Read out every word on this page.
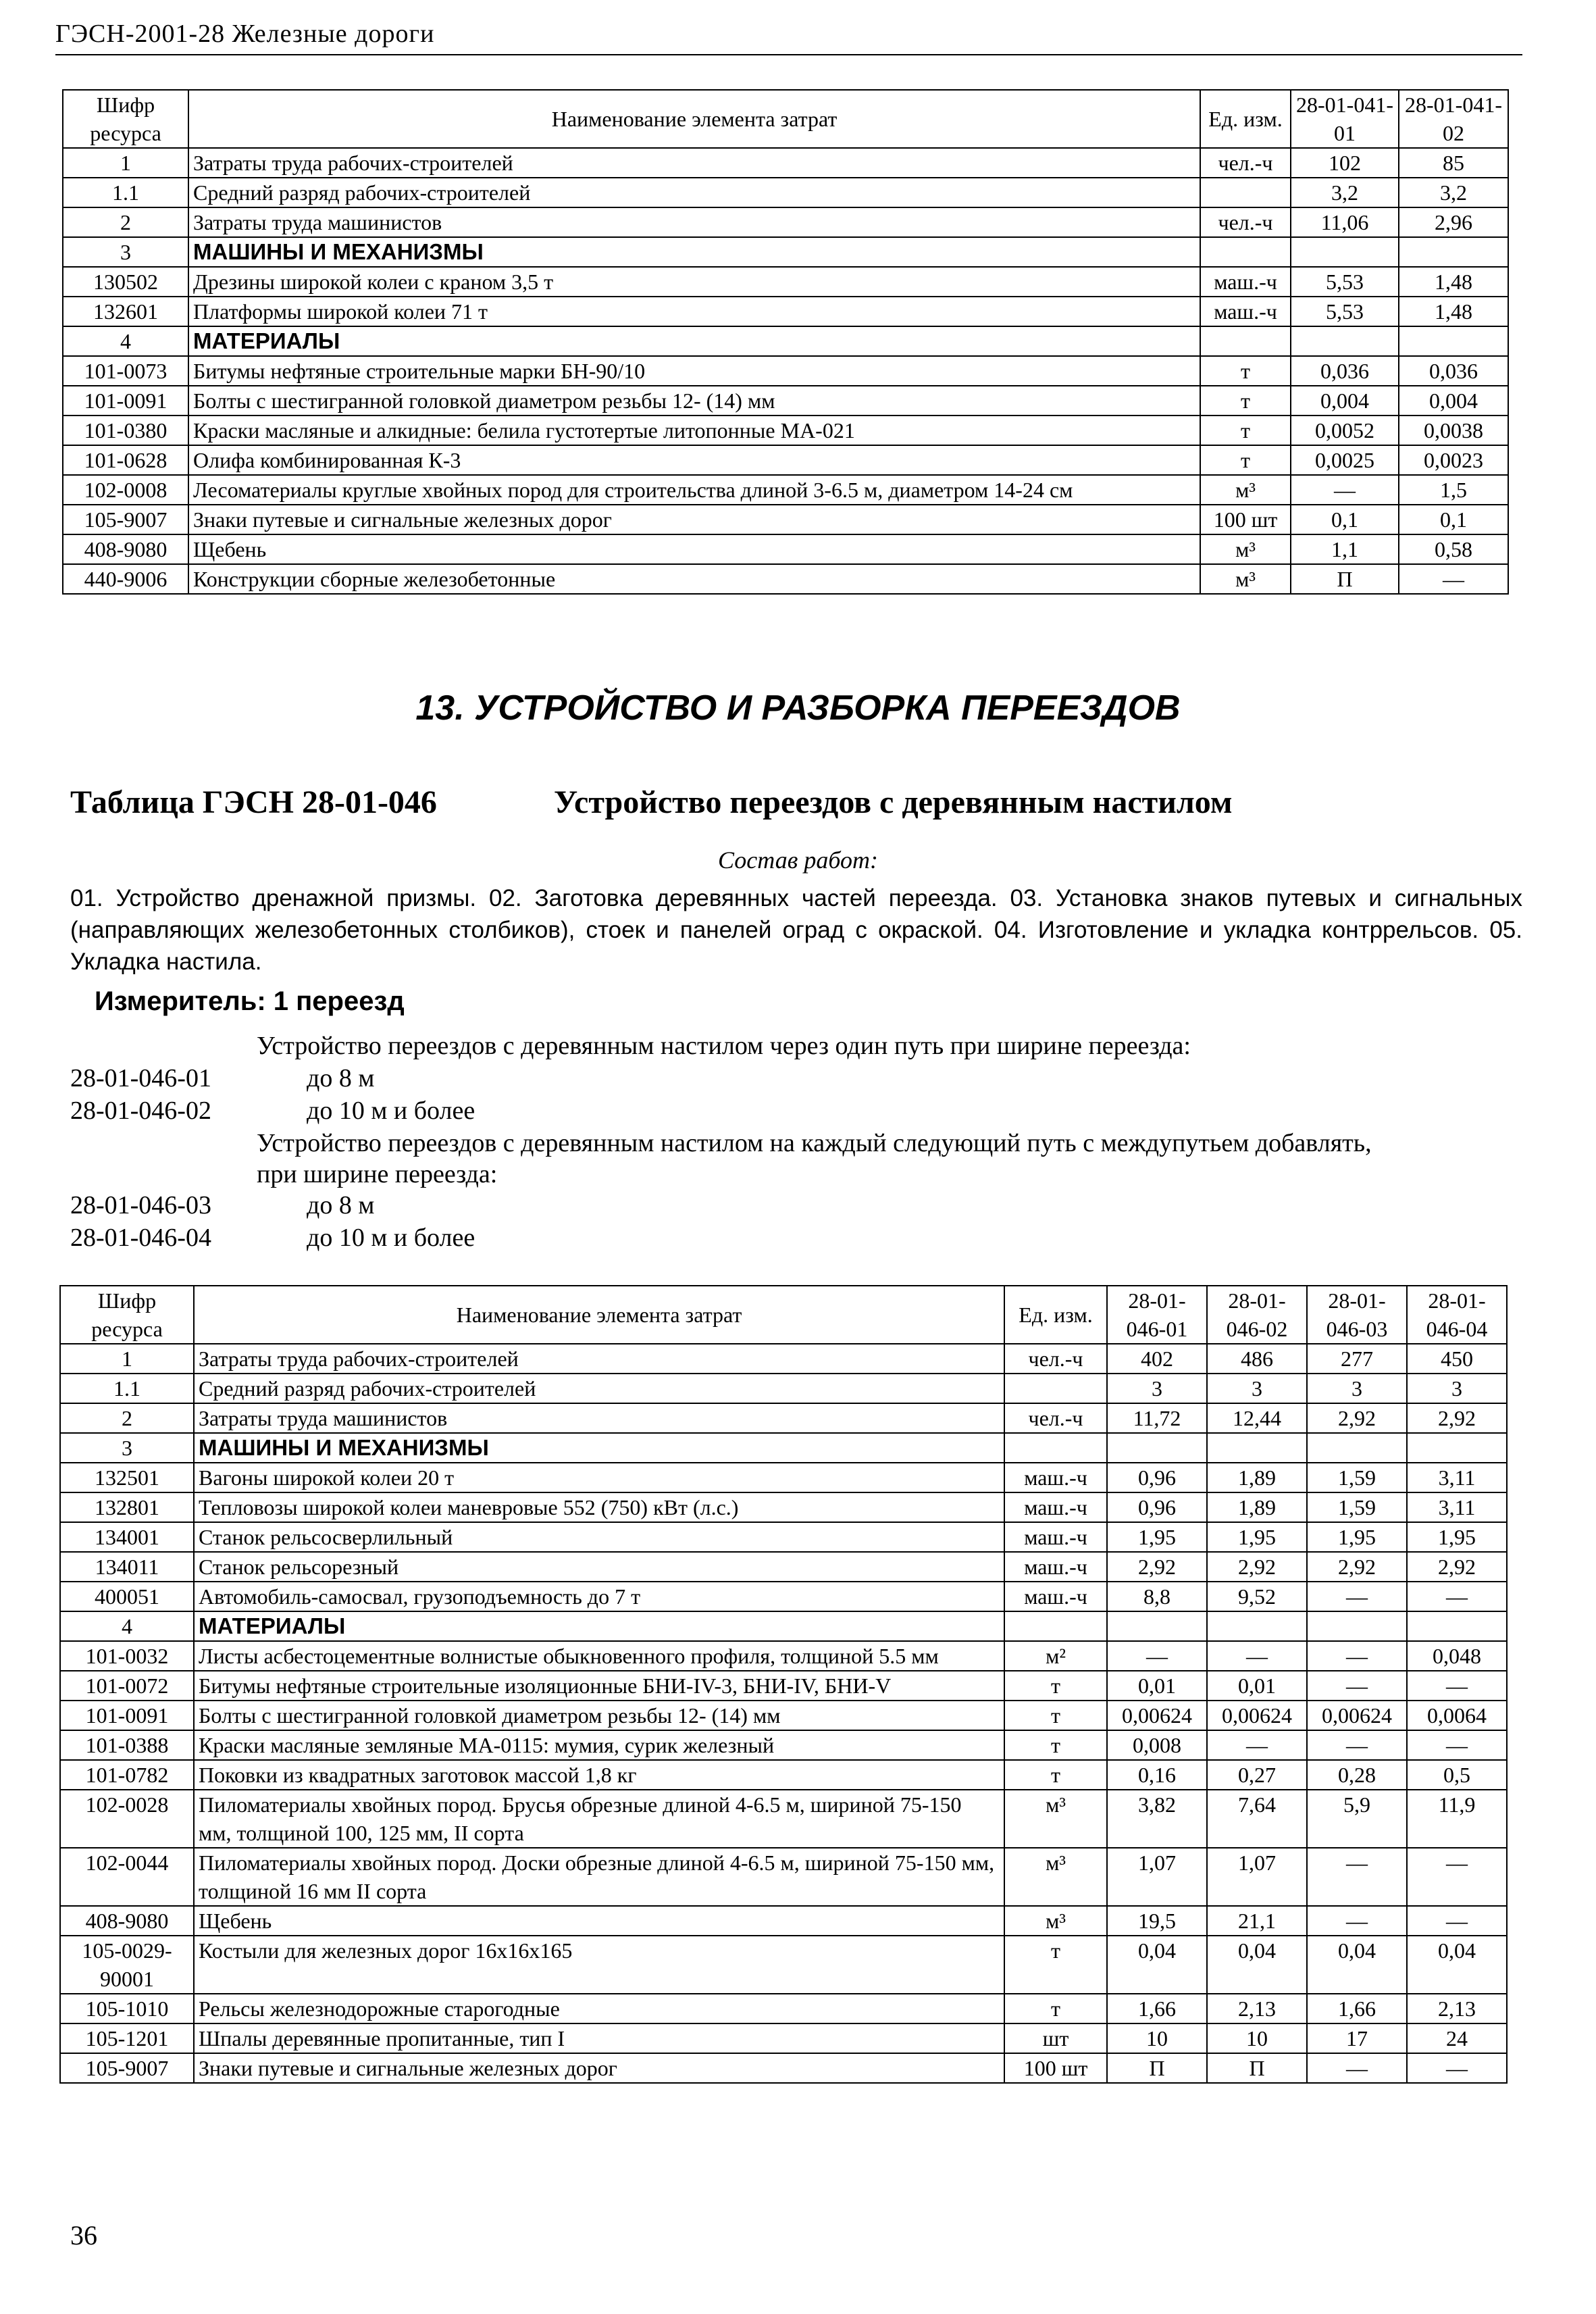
ГЭСН-2001-28 Железные дороги
Шифр ресурса	Наименование элемента затрат	Ед. изм.	28-01-041-01	28-01-041-02
1	Затраты труда рабочих-строителей	чел.-ч	102	85
1.1	Средний разряд рабочих-строителей		3,2	3,2
2	Затраты труда машинистов	чел.-ч	11,06	2,96
3	МАШИНЫ И МЕХАНИЗМЫ			
130502	Дрезины широкой колеи с краном 3,5 т	маш.-ч	5,53	1,48
132601	Платформы широкой колеи 71 т	маш.-ч	5,53	1,48
4	МАТЕРИАЛЫ			
101-0073	Битумы нефтяные строительные марки БН-90/10	т	0,036	0,036
101-0091	Болты с шестигранной головкой диаметром резьбы 12- (14) мм	т	0,004	0,004
101-0380	Краски масляные и алкидные: белила густотертые литопонные МА-021	т	0,0052	0,0038
101-0628	Олифа комбинированная К-3	т	0,0025	0,0023
102-0008	Лесоматериалы круглые хвойных пород для строительства длиной 3-6.5 м, диаметром 14-24 см	м³	—	1,5
105-9007	Знаки путевые и сигнальные железных дорог	100 шт	0,1	0,1
408-9080	Щебень	м³	1,1	0,58
440-9006	Конструкции сборные железобетонные	м³	П	—
13. УСТРОЙСТВО И РАЗБОРКА ПЕРЕЕЗДОВ
Таблица ГЭСН 28-01-046	Устройство переездов с деревянным настилом
Состав работ:
01. Устройство дренажной призмы. 02. Заготовка деревянных частей переезда. 03. Установка знаков путевых и сигнальных (направляющих железобетонных столбиков), стоек и панелей оград с окраской. 04. Изготовление и укладка контррельсов. 05. Укладка настила.
Измеритель: 1 переезд
Устройство переездов с деревянным настилом через один путь при ширине переезда:
28-01-046-01	до 8 м
28-01-046-02	до 10 м и более
Устройство переездов с деревянным настилом на каждый следующий путь с междупутьем добавлять,
при ширине переезда:
28-01-046-03	до 8 м
28-01-046-04	до 10 м и более
Шифр ресурса	Наименование элемента затрат	Ед. изм.	28-01-046-01	28-01-046-02	28-01-046-03	28-01-046-04
1	Затраты труда рабочих-строителей	чел.-ч	402	486	277	450
1.1	Средний разряд рабочих-строителей		3	3	3	3
2	Затраты труда машинистов	чел.-ч	11,72	12,44	2,92	2,92
3	МАШИНЫ И МЕХАНИЗМЫ					
132501	Вагоны широкой колеи 20 т	маш.-ч	0,96	1,89	1,59	3,11
132801	Тепловозы широкой колеи маневровые 552 (750) кВт (л.с.)	маш.-ч	0,96	1,89	1,59	3,11
134001	Станок рельсосверлильный	маш.-ч	1,95	1,95	1,95	1,95
134011	Станок рельсорезный	маш.-ч	2,92	2,92	2,92	2,92
400051	Автомобиль-самосвал, грузоподъемность до 7 т	маш.-ч	8,8	9,52	—	—
4	МАТЕРИАЛЫ					
101-0032	Листы асбестоцементные волнистые обыкновенного профиля, толщиной 5.5 мм	м²	—	—	—	0,048
101-0072	Битумы нефтяные строительные изоляционные БНИ-IV-3, БНИ-IV, БНИ-V	т	0,01	0,01	—	—
101-0091	Болты с шестигранной головкой диаметром резьбы 12- (14) мм	т	0,00624	0,00624	0,00624	0,0064
101-0388	Краски масляные земляные МА-0115: мумия, сурик железный	т	0,008	—	—	—
101-0782	Поковки из квадратных заготовок массой 1,8 кг	т	0,16	0,27	0,28	0,5
102-0028	Пиломатериалы хвойных пород. Брусья обрезные длиной 4-6.5 м, шириной 75-150 мм, толщиной 100, 125 мм, II сорта	м³	3,82	7,64	5,9	11,9
102-0044	Пиломатериалы хвойных пород. Доски обрезные длиной 4-6.5 м, шириной 75-150 мм, толщиной 16 мм II сорта	м³	1,07	1,07	—	—
408-9080	Щебень	м³	19,5	21,1	—	—
105-0029-90001	Костыли для железных дорог 16х16х165	т	0,04	0,04	0,04	0,04
105-1010	Рельсы железнодорожные старогодные	т	1,66	2,13	1,66	2,13
105-1201	Шпалы деревянные пропитанные, тип I	шт	10	10	17	24
105-9007	Знаки путевые и сигнальные железных дорог	100 шт	П	П	—	—
36
